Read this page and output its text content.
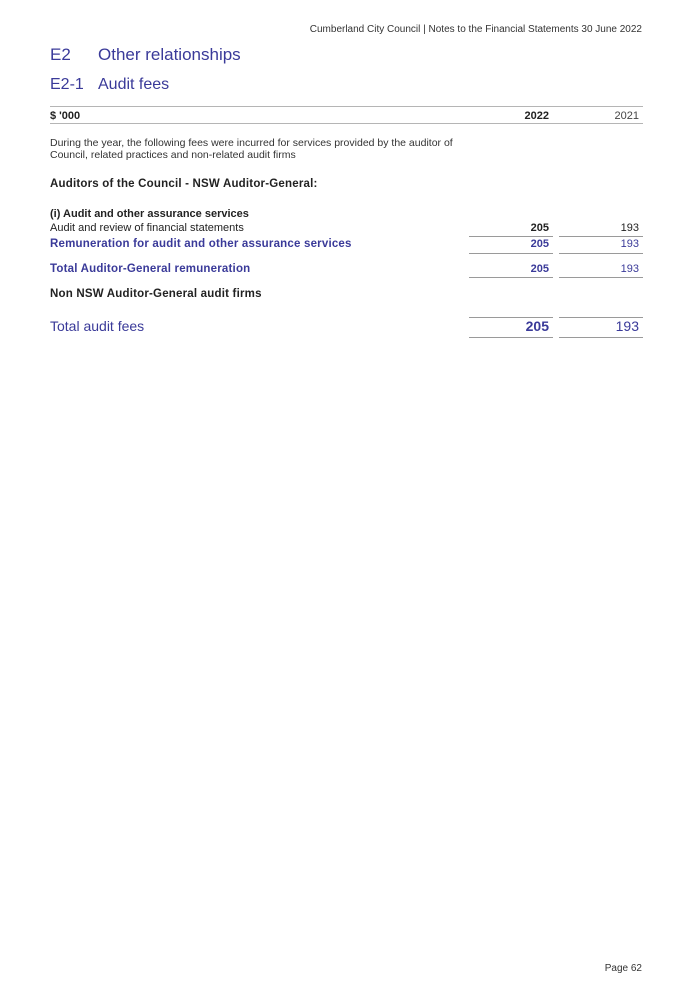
Cumberland City Council | Notes to the Financial Statements 30 June 2022
E2 Other relationships
E2-1 Audit fees
$ '000	2022	2021
During the year, the following fees were incurred for services provided by the auditor of Council, related practices and non-related audit firms
Auditors of the Council - NSW Auditor-General:
(i) Audit and other assurance services
Audit and review of financial statements	205	193
Remuneration for audit and other assurance services	205	193
Total Auditor-General remuneration	205	193
Non NSW Auditor-General audit firms
Total audit fees	205	193
Page 62
